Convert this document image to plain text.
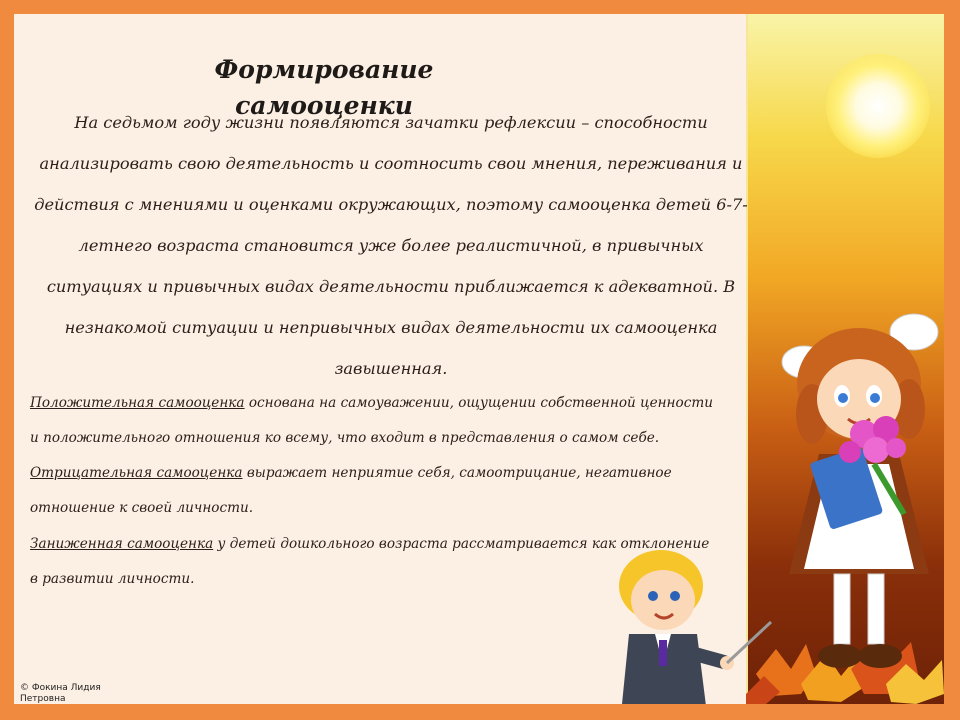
Формирование самооценки
На седьмом году жизни появляются зачатки рефлексии – способности анализировать свою деятельность и соотносить свои мнения, переживания и действия с мнениями и оценками окружающих, поэтому самооценка детей 6-7-летнего возраста становится уже более реалистичной, в привычных ситуациях и привычных видах деятельности приближается к адекватной. В незнакомой ситуации и непривычных видах деятельности их самооценка завышенная.
Положительная самооценка основана на самоуважении, ощущении собственной ценности и положительного отношения ко всему, что входит в представления о самом себе. Отрицательная самооценка выражает неприятие себя, самоотрицание, негативное отношение к своей личности.
Заниженная самооценка у детей дошкольного возраста рассматривается как отклонение в развитии личности.
© Фокина Лидия Петровна
